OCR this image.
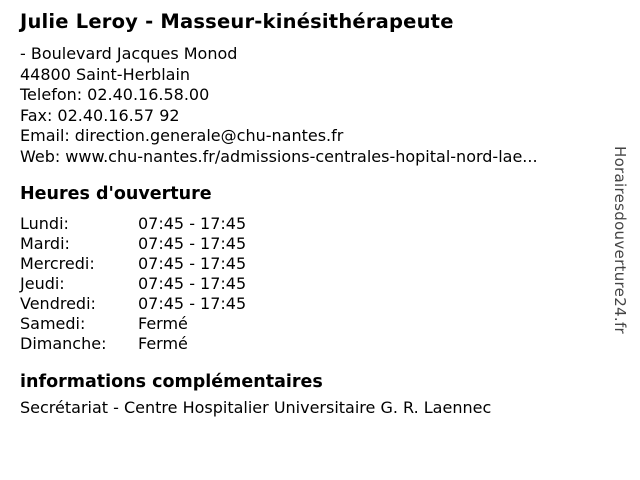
Julie Leroy - Masseur-kinésithérapeute
- Boulevard Jacques Monod
44800 Saint-Herblain
Telefon: 02.40.16.58.00
Fax: 02.40.16.57 92
Email: direction.generale@chu-nantes.fr
Web: www.chu-nantes.fr/admissions-centrales-hopital-nord-lae...
Heures d'ouverture
Lundi:	07:45 - 17:45
Mardi:	07:45 - 17:45
Mercredi:	07:45 - 17:45
Jeudi:	07:45 - 17:45
Vendredi:	07:45 - 17:45
Samedi:	Fermé
Dimanche:	Fermé
informations complémentaires
Secrétariat - Centre Hospitalier Universitaire G. R. Laennec
Horairesdouverture24.fr
